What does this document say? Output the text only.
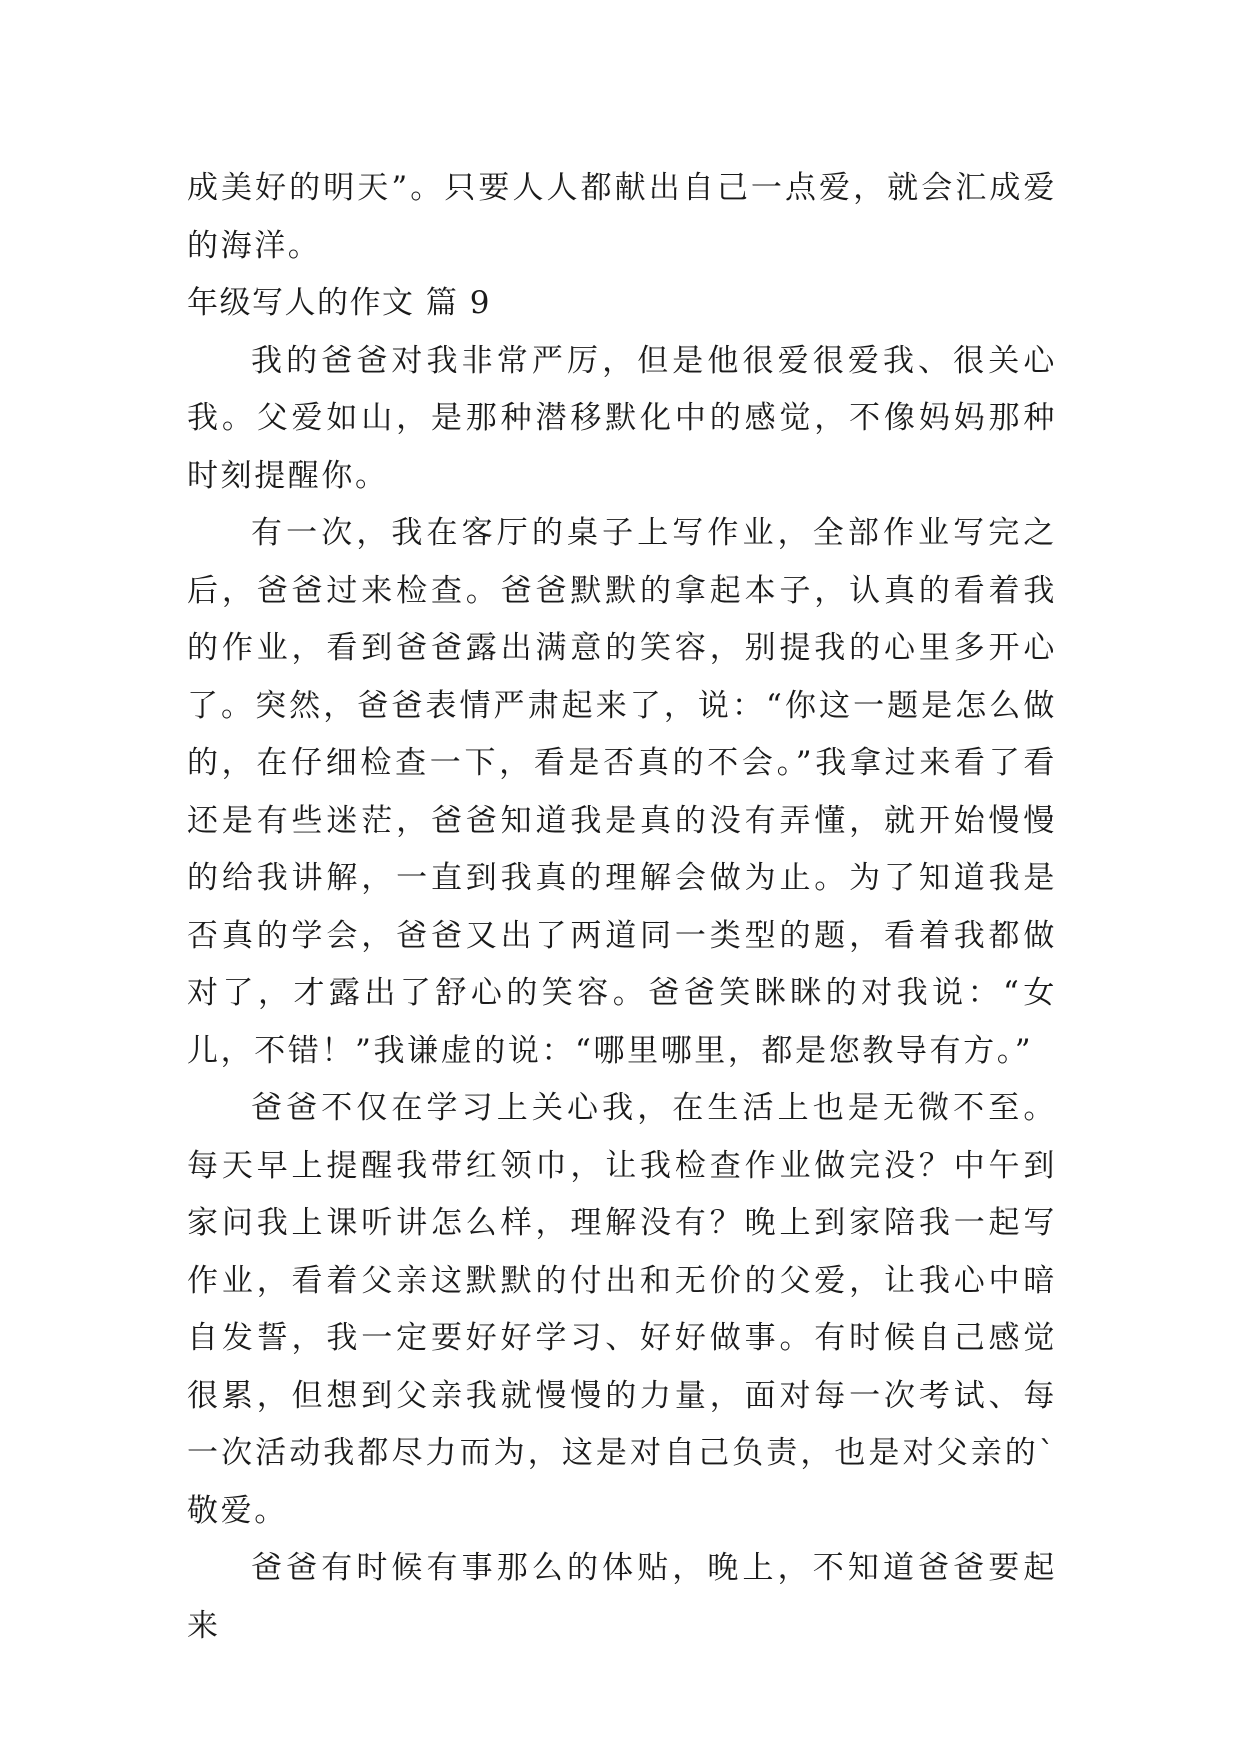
成美好的明天”。只要人人都献出自己一点爱，就会汇成爱的海洋。

年级写人的作文 篇 9

我的爸爸对我非常严厉，但是他很爱很爱我、很关心我。父爱如山，是那种潜移默化中的感觉，不像妈妈那种时刻提醒你。

有一次，我在客厅的桌子上写作业，全部作业写完之后，爸爸过来检查。爸爸默默的拿起本子，认真的看着我的作业，看到爸爸露出满意的笑容，别提我的心里多开心了。突然，爸爸表情严肃起来了，说：“你这一题是怎么做的，在仔细检查一下，看是否真的不会。”我拿过来看了看还是有些迷茫，爸爸知道我是真的没有弄懂，就开始慢慢的给我讲解，一直到我真的理解会做为止。为了知道我是否真的学会，爸爸又出了两道同一类型的题，看着我都做对了，才露出了舒心的笑容。爸爸笑眯眯的对我说：“女儿，不错！”我谦虚的说：“哪里哪里，都是您教导有方。”

爸爸不仅在学习上关心我，在生活上也是无微不至。每天早上提醒我带红领巾，让我检查作业做完没？中午到家问我上课听讲怎么样，理解没有？晚上到家陪我一起写作业，看着父亲这默默的付出和无价的父爱，让我心中暗自发誓，我一定要好好学习、好好做事。有时候自己感觉很累，但想到父亲我就慢慢的力量，面对每一次考试、每一次活动我都尽力而为，这是对自己负责，也是对父亲的`敬爱。

爸爸有时候有事那么的体贴，晚上，不知道爸爸要起来
